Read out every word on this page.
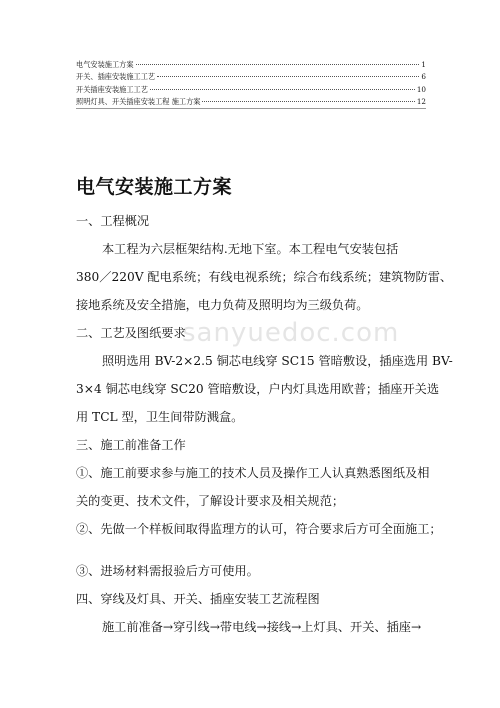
电气安装施工方案	1
开关、插座安装施工工艺	6
开关插座安装施工工艺	10
照明灯具、开关插座安装工程 施工方案	12
电气安装施工方案
sanyuedoc.com

一、工程概况

本工程为六层框架结构.无地下室。本工程电气安装包括

380／220V 配电系统；有线电视系统；综合布线系统；建筑物防雷、

接地系统及安全措施，电力负荷及照明均为三级负荷。

二、工艺及图纸要求

照明选用 BV-2×2.5 铜芯电线穿 SC15 管暗敷设，插座选用 BV-

3×4 铜芯电线穿 SC20 管暗敷设，户内灯具选用欧普；插座开关选

用 TCL 型，卫生间带防溅盒。

三、施工前准备工作

①、施工前要求参与施工的技术人员及操作工人认真熟悉图纸及相

关的变更、技术文件，了解设计要求及相关规范；

②、先做一个样板间取得监理方的认可，符合要求后方可全面施工；

③、进场材料需报验后方可使用。

四、穿线及灯具、开关、插座安装工艺流程图

施工前准备→穿引线→带电线→接线→上灯具、开关、插座→
